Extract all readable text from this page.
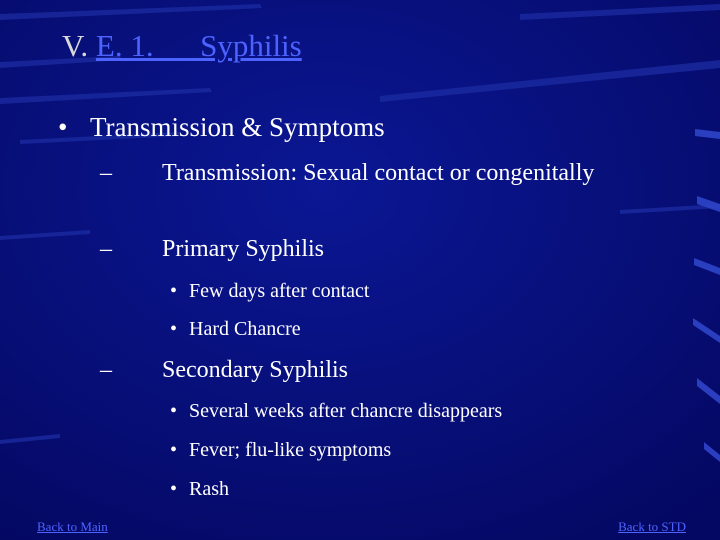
V. E. 1.      Syphilis
• Transmission & Symptoms
– Transmission: Sexual contact or congenitally
– Primary Syphilis
• Few days after contact
• Hard Chancre
– Secondary Syphilis
• Several weeks after chancre disappears
• Fever; flu-like symptoms
• Rash
Back to Main	Back to STD
